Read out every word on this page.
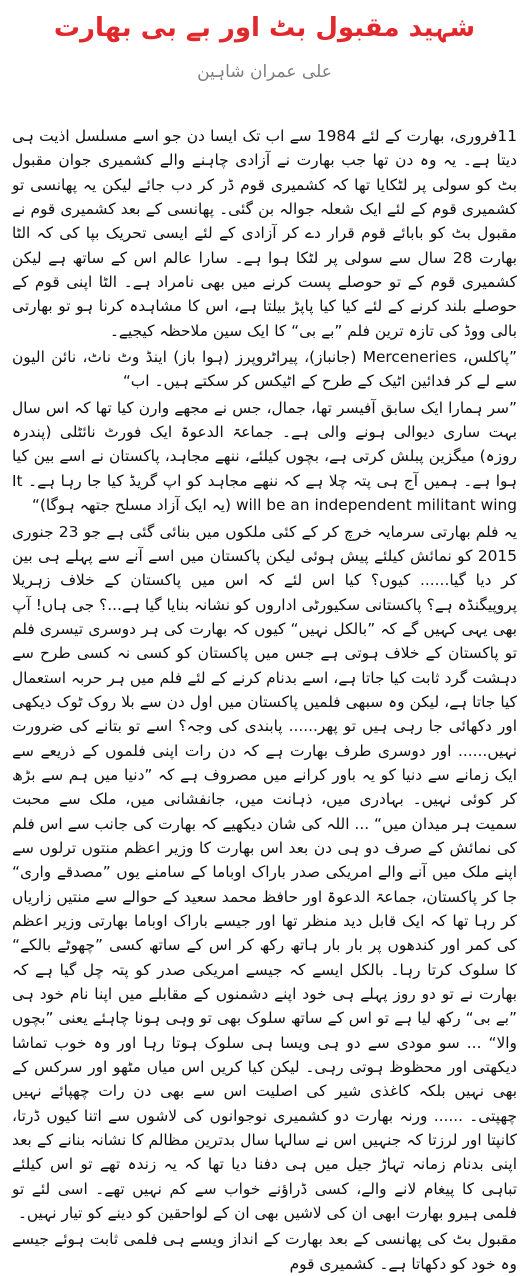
شہید مقبول بٹ اور بے بی بھارت
علی عمران شاہین

11فروری، بھارت کے لئے 1984 سے اب تک ایسا دن جو اسے مسلسل اذیت ہی دیتا ہے۔ یہ وہ دن تھا جب بھارت نے آزادی چاہنے والے کشمیری جوان مقبول بٹ کو سولی پر لٹکایا تھا کہ کشمیری قوم ڈر کر دب جائے لیکن یہ پھانسی تو کشمیری قوم کے لئے ایک شعلہ جوالہ بن گئی۔ پھانسی کے بعد کشمیری قوم نے مقبول بٹ کو بابائے قوم قرار دے کر آزادی کے لئے ایسی تحریک بپا کی کہ الٹا بھارت 28 سال سے سولی پر لٹکا ہوا ہے۔ سارا عالم اس کے ساتھ ہے لیکن کشمیری قوم کے تو حوصلے پست کرنے میں بھی نامراد ہے۔ الٹا اپنی قوم کے حوصلے بلند کرنے کے لئے کیا کیا پاپڑ بیلتا ہے، اس کا مشاہدہ کرنا ہو تو بھارتی بالی ووڈ کی تازہ ترین فلم ”بے بی“ کا ایک سین ملاحظہ کیجیے۔

”پاکلس، Merceneries (جانباز)، پیراٹروپرز (ہوا باز) اینڈ وٹ ناٹ، نائن الیون سے لے کر فدائین اٹیک کے طرح کے اٹیکس کر سکتے ہیں۔ اب“

”سر ہمارا ایک سابق آفیسر تھا، جمال، جس نے مجھے وارن کیا تھا کہ اس سال بہت ساری دیوالی ہونے والی ہے۔ جماعۃ الدعوۃ ایک فورٹ نائٹلی (پندرہ روزہ) میگزین پبلش کرتی ہے، بچوں کیلئے، ننھے مجاہد، پاکستان نے اسے بین کیا ہوا ہے۔ ہمیں آج ہی پتہ چلا ہے کہ ننھے مجاہد کو اپ گریڈ کیا جا رہا ہے۔ It will be an independent militant wing (یہ ایک آزاد مسلح جتھہ ہوگا)“

یہ فلم بھارتی سرمایہ خرچ کر کے کئی ملکوں میں بنائی گئی ہے جو 23 جنوری 2015 کو نمائش کیلئے پیش ہوئی لیکن پاکستان میں اسے آنے سے پہلے ہی بین کر دیا گیا...... کیوں؟ کیا اس لئے کہ اس میں پاکستان کے خلاف زہریلا پروپیگنڈہ ہے؟ پاکستانی سکیورٹی اداروں کو نشانہ بنایا گیا ہے...؟ جی ہاں! آپ بھی یہی کہیں گے کہ ”بالکل نہیں“ کیوں کہ بھارت کی ہر دوسری تیسری فلم تو پاکستان کے خلاف ہوتی ہے جس میں پاکستان کو کسی نہ کسی طرح سے دہشت گرد ثابت کیا جاتا ہے، اسے بدنام کرنے کے لئے فلم میں ہر حربہ استعمال کیا جاتا ہے، لیکن وہ سبھی فلمیں پاکستان میں اول دن سے بلا روک ٹوک دیکھی اور دکھائی جا رہی ہیں تو پھر...... پابندی کی وجہ؟ اسے تو بتانے کی ضرورت نہیں...... اور دوسری طرف بھارت ہے کہ دن رات اپنی فلموں کے ذریعے سے ایک زمانے سے دنیا کو یہ باور کرانے میں مصروف ہے کہ ”دنیا میں ہم سے بڑھ کر کوئی نہیں۔ بہادری میں، ذہانت میں، جانفشانی میں، ملک سے محبت سمیت ہر میدان میں“ ... اللہ کی شان دیکھیے کہ بھارت کی جانب سے اس فلم کی نمائش کے صرف دو ہی دن بعد اس بھارت کا وزیر اعظم منتوں ترلوں سے اپنے ملک میں آنے والے امریکی صدر باراک اوباما کے سامنے یوں ”مصدقے واری“ جا کر پاکستان، جماعۃ الدعوۃ اور حافظ محمد سعید کے حوالے سے منتیں زاریاں کر رہا تھا کہ ایک قابل دید منظر تھا اور جیسے باراک اوباما بھارتی وزیر اعظم کی کمر اور کندھوں پر بار بار ہاتھ رکھ کر اس کے ساتھ کسی ”چھوٹے بالکے“ کا سلوک کرتا رہا۔ بالکل ایسے کہ جیسے امریکی صدر کو پتہ چل گیا ہے کہ بھارت نے تو دو روز پہلے ہی خود اپنے دشمنوں کے مقابلے میں اپنا نام خود ہی ”بے بی“ رکھ لیا ہے تو اس کے ساتھ سلوک بھی تو وہی ہونا چاہئے یعنی ”بچوں والا“ ... سو مودی سے دو ہی ویسا ہی سلوک ہوتا رہا اور وہ خوب تماشا دیکھتی اور محظوظ ہوتی رہی۔ لیکن کیا کریں اس میاں مٹھو اور سرکس کے بھی نہیں بلکہ کاغذی شیر کی اصلیت اس سے بھی دن رات چھپائے نہیں چھپتی۔ ...... ورنہ بھارت دو کشمیری نوجوانوں کی لاشوں سے اتنا کیوں ڈرتا، کانپتا اور لرزتا کہ جنہیں اس نے سالہا سال بدترین مظالم کا نشانہ بنانے کے بعد اپنی بدنام زمانہ تہاڑ جیل میں ہی دفنا دیا تھا کہ یہ زندہ تھے تو اس کیلئے تباہی کا پیغام لانے والے، کسی ڈراؤنے خواب سے کم نہیں تھے۔ اسی لئے تو فلمی ہیرو بھارت ابھی ان کی لاشیں بھی ان کے لواحقین کو دینے کو تیار نہیں۔

مقبول بٹ کی پھانسی کے بعد بھارت کے انداز ویسے ہی فلمی ثابت ہوئے جیسے وہ خود کو دکھاتا ہے۔ کشمیری قوم
